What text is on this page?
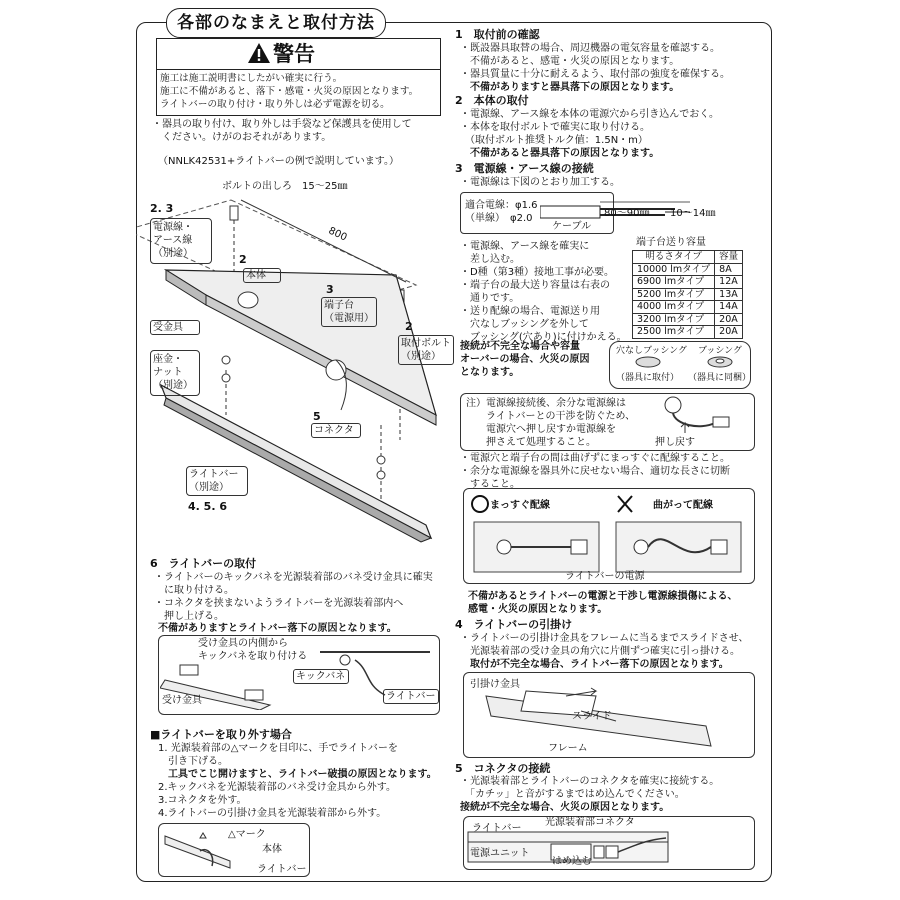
各部のなまえと取付方法
警告
施工は施工説明書にしたがい確実に行う。
施工に不備があると、落下・感電・火災の原因となります。
ライトバーの取り付け・取り外しは必ず電源を切る。
・器具の取り付け、取り外しは手袋など保護具を使用して
　ください。けがのおそれがあります。
（NNLK42531+ライトバーの例で説明しています。）
ボルトの出しろ　15〜25㎜
2. 3
電源線・
アース線
（別途）	2
本体
800
3
端子台
（電源用）
2
取付ボルト
（別途）
受金具
座金・
ナット
（別途）
5
コネクタ
ライトバー
（別途）
4. 5. 6
1　取付前の確認
・既設器具取替の場合、周辺機器の電気容量を確認する。
　不備があると、感電・火災の原因となります。
・器具質量に十分に耐えるよう、取付部の強度を確保する。
　不備がありますと器具落下の原因となります。
2　本体の取付
・電源線、アース線を本体の電源穴から引き込んでおく。
・本体を取付ボルトで確実に取り付ける。
　（取付ボルト推奨トルク値：1.5N・m）
　不備があると器具落下の原因となります。
3　電源線・アース線の接続
・電源線は下図のとおり加工する。
適合電線：φ1.6
（単線）　φ2.0	80〜90㎜ 10〜14㎜
ケーブル
・電源線、アース線を確実に
　差し込む。
・D種（第3種）接地工事が必要。
・端子台の最大送り容量は右表の
　通りです。
・送り配線の場合、電源送り用
　穴なしブッシングを外して
　ブッシング(穴あり)に付けかえる。
接続が不完全な場合や容量
オーバーの場合、火災の原因
となります。
端子台送り容量
明るさタイプ	容量
10000 lmタイプ	8A
6900 lmタイプ	12A
5200 lmタイプ	13A
4000 lmタイプ	14A
3200 lmタイプ	20A
2500 lmタイプ	20A
穴なしブッシング ブッシング
（器具に取付） （器具に同梱）
注）電源線接続後、余分な電源線は
　　ライトバーとの干渉を防ぐため、
　　電源穴へ押し戻すか電源線を
　　押さえて処理すること。	押し戻す
・電源穴と端子台の間は曲げずにまっすぐに配線すること。
・余分な電源線を器具外に戻せない場合、適切な長さに切断
　すること。
まっすぐ配線	曲がって配線
ライトバーの電源
不備があるとライトバーの電源と干渉し電源線損傷による、
感電・火災の原因となります。
4　ライトバーの引掛け
・ライトバーの引掛け金具をフレームに当るまでスライドさせ、
　光源装着部の受け金具の角穴に片側ずつ確実に引っ掛ける。
　取付が不完全な場合、ライトバー落下の原因となります。
引掛け金具
スライド
フレーム
5　コネクタの接続
・光源装着部とライトバーのコネクタを確実に接続する。
　「カチッ」と音がするまではめ込んでください。
接続が不完全な場合、火災の原因となります。
ライトバー
光源装着部コネクタ
電源ユニット
はめ込む
6　ライトバーの取付
・ライトバーのキックバネを光源装着部のバネ受け金具に確実
　に取り付ける。
・コネクタを挟まないようライトバーを光源装着部内へ
　押し上げる。
不備がありますとライトバー落下の原因となります。
受け金具の内側から
キックバネを取り付ける
キックバネ
ライトバー
受け金具
■ライトバーを取り外す場合
1. 光源装着部の△マークを目印に、手でライトバーを
　引き下げる。
　工具でこじ開けますと、ライトバー破損の原因となります。
2.キックバネを光源装着部のバネ受け金具から外す。
3.コネクタを外す。
4.ライトバーの引掛け金具を光源装着部から外す。
△マーク
本体
ライトバー
